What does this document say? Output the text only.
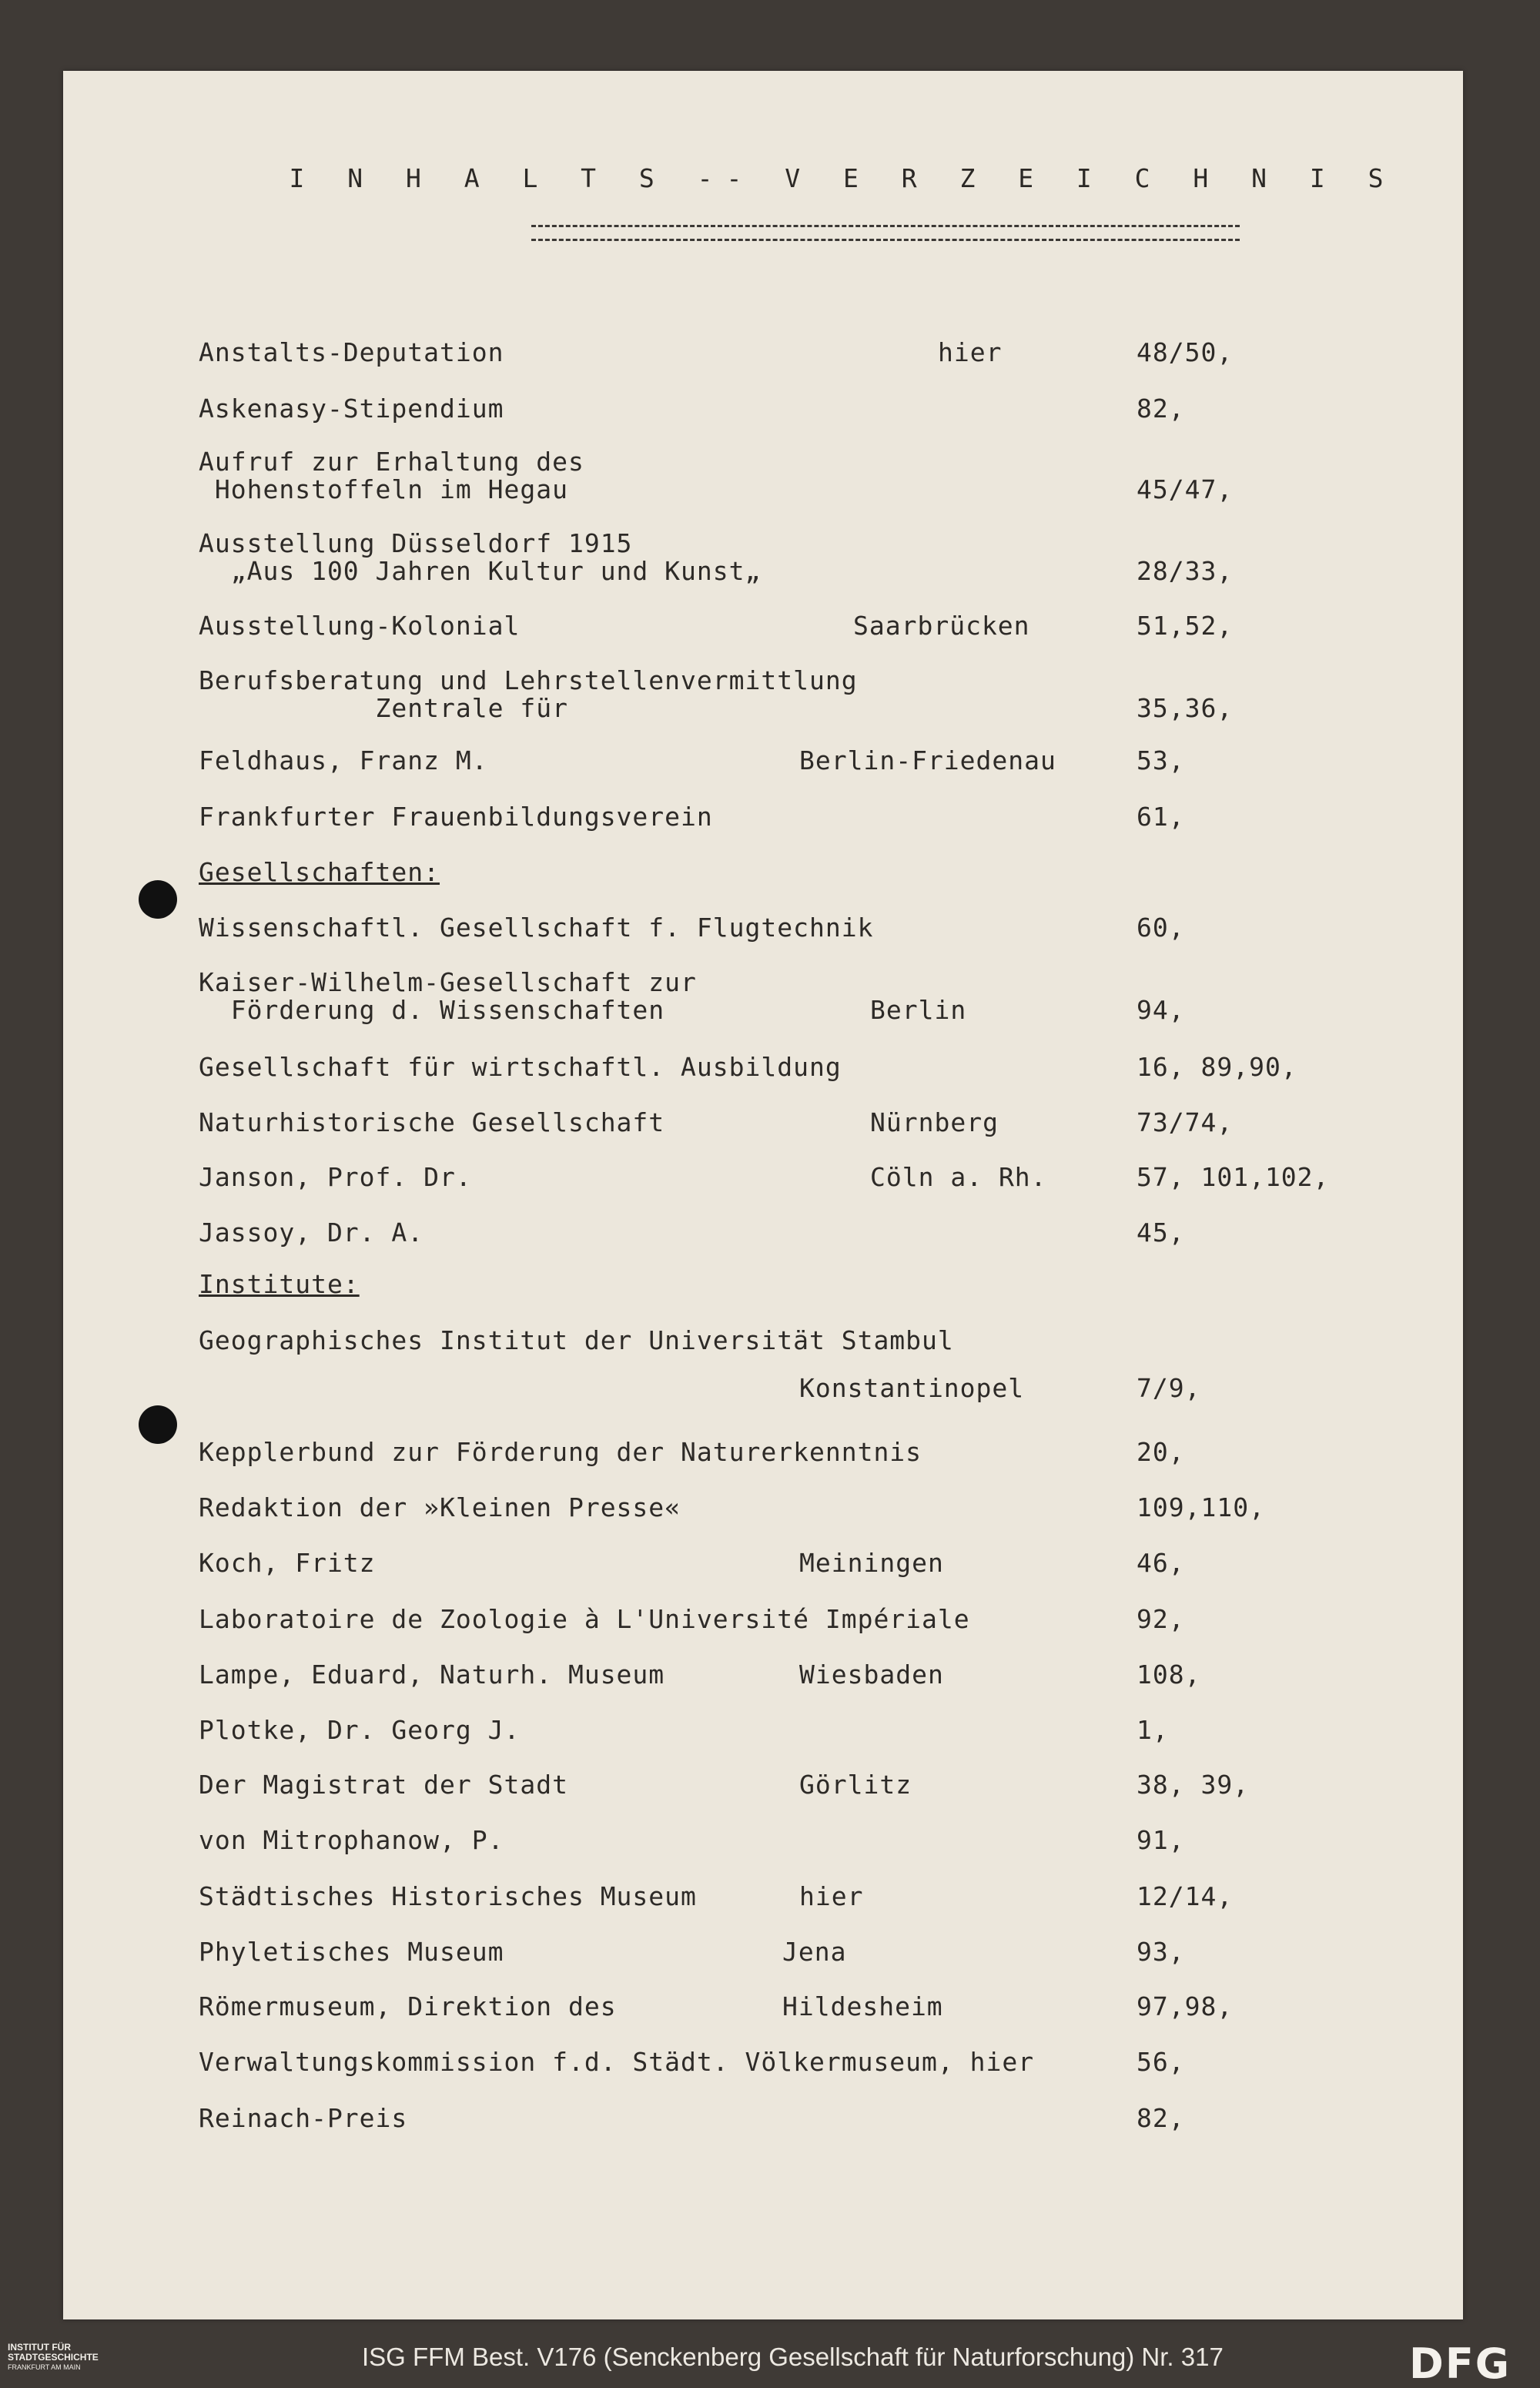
I N H A L T S -- V E R Z E I C H N I S
Anstalts-Deputation	hier	48/50,
Askenasy-Stipendium	82,
Aufruf zur Erhaltung des
Hohenstoffeln im Hegau	45/47,
Ausstellung Düsseldorf 1915
„Aus 100 Jahren Kultur und Kunst„	28/33,
Ausstellung-Kolonial	Saarbrücken	51,52,
Berufsberatung und Lehrstellenvermittlung
Zentrale für	35,36,
Feldhaus, Franz M.	Berlin-Friedenau	53,
Frankfurter Frauenbildungsverein	61,
Gesellschaften:
Wissenschaftl. Gesellschaft f. Flugtechnik	60,
Kaiser-Wilhelm-Gesellschaft zur
Förderung d. Wissenschaften	Berlin	94,
Gesellschaft für wirtschaftl. Ausbildung	16, 89,90,
Naturhistorische Gesellschaft	Nürnberg	73/74,
Janson, Prof. Dr.	Cöln a. Rh.	57, 101,102,
Jassoy, Dr. A.	45,
Institute:
Geographisches Institut der Universität Stambul
Konstantinopel	7/9,
Kepplerbund zur Förderung der Naturerkenntnis	20,
Redaktion der »Kleinen Presse«	109,110,
Koch, Fritz	Meiningen	46,
Laboratoire de Zoologie à L'Université Impériale	92,
Lampe, Eduard, Naturh. Museum	Wiesbaden	108,
Plotke, Dr. Georg J.	1,
Der Magistrat der Stadt	Görlitz	38, 39,
von Mitrophanow, P.	91,
Städtisches Historisches Museum	hier	12/14,
Phyletisches Museum	Jena	93,
Römermuseum, Direktion des	Hildesheim	97,98,
Verwaltungskommission f.d. Städt. Völkermuseum, hier	56,
Reinach-Preis	82,
INSTITUT FÜR
STADTGESCHICHTE
FRANKFURT AM MAIN	ISG FFM Best. V176 (Senckenberg Gesellschaft für Naturforschung) Nr. 317	DFG
